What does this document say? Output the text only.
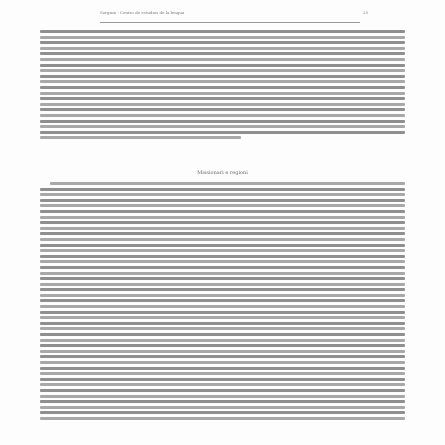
Sorgum - Centro de estudios de la lengua	25
Missionari e regioni
